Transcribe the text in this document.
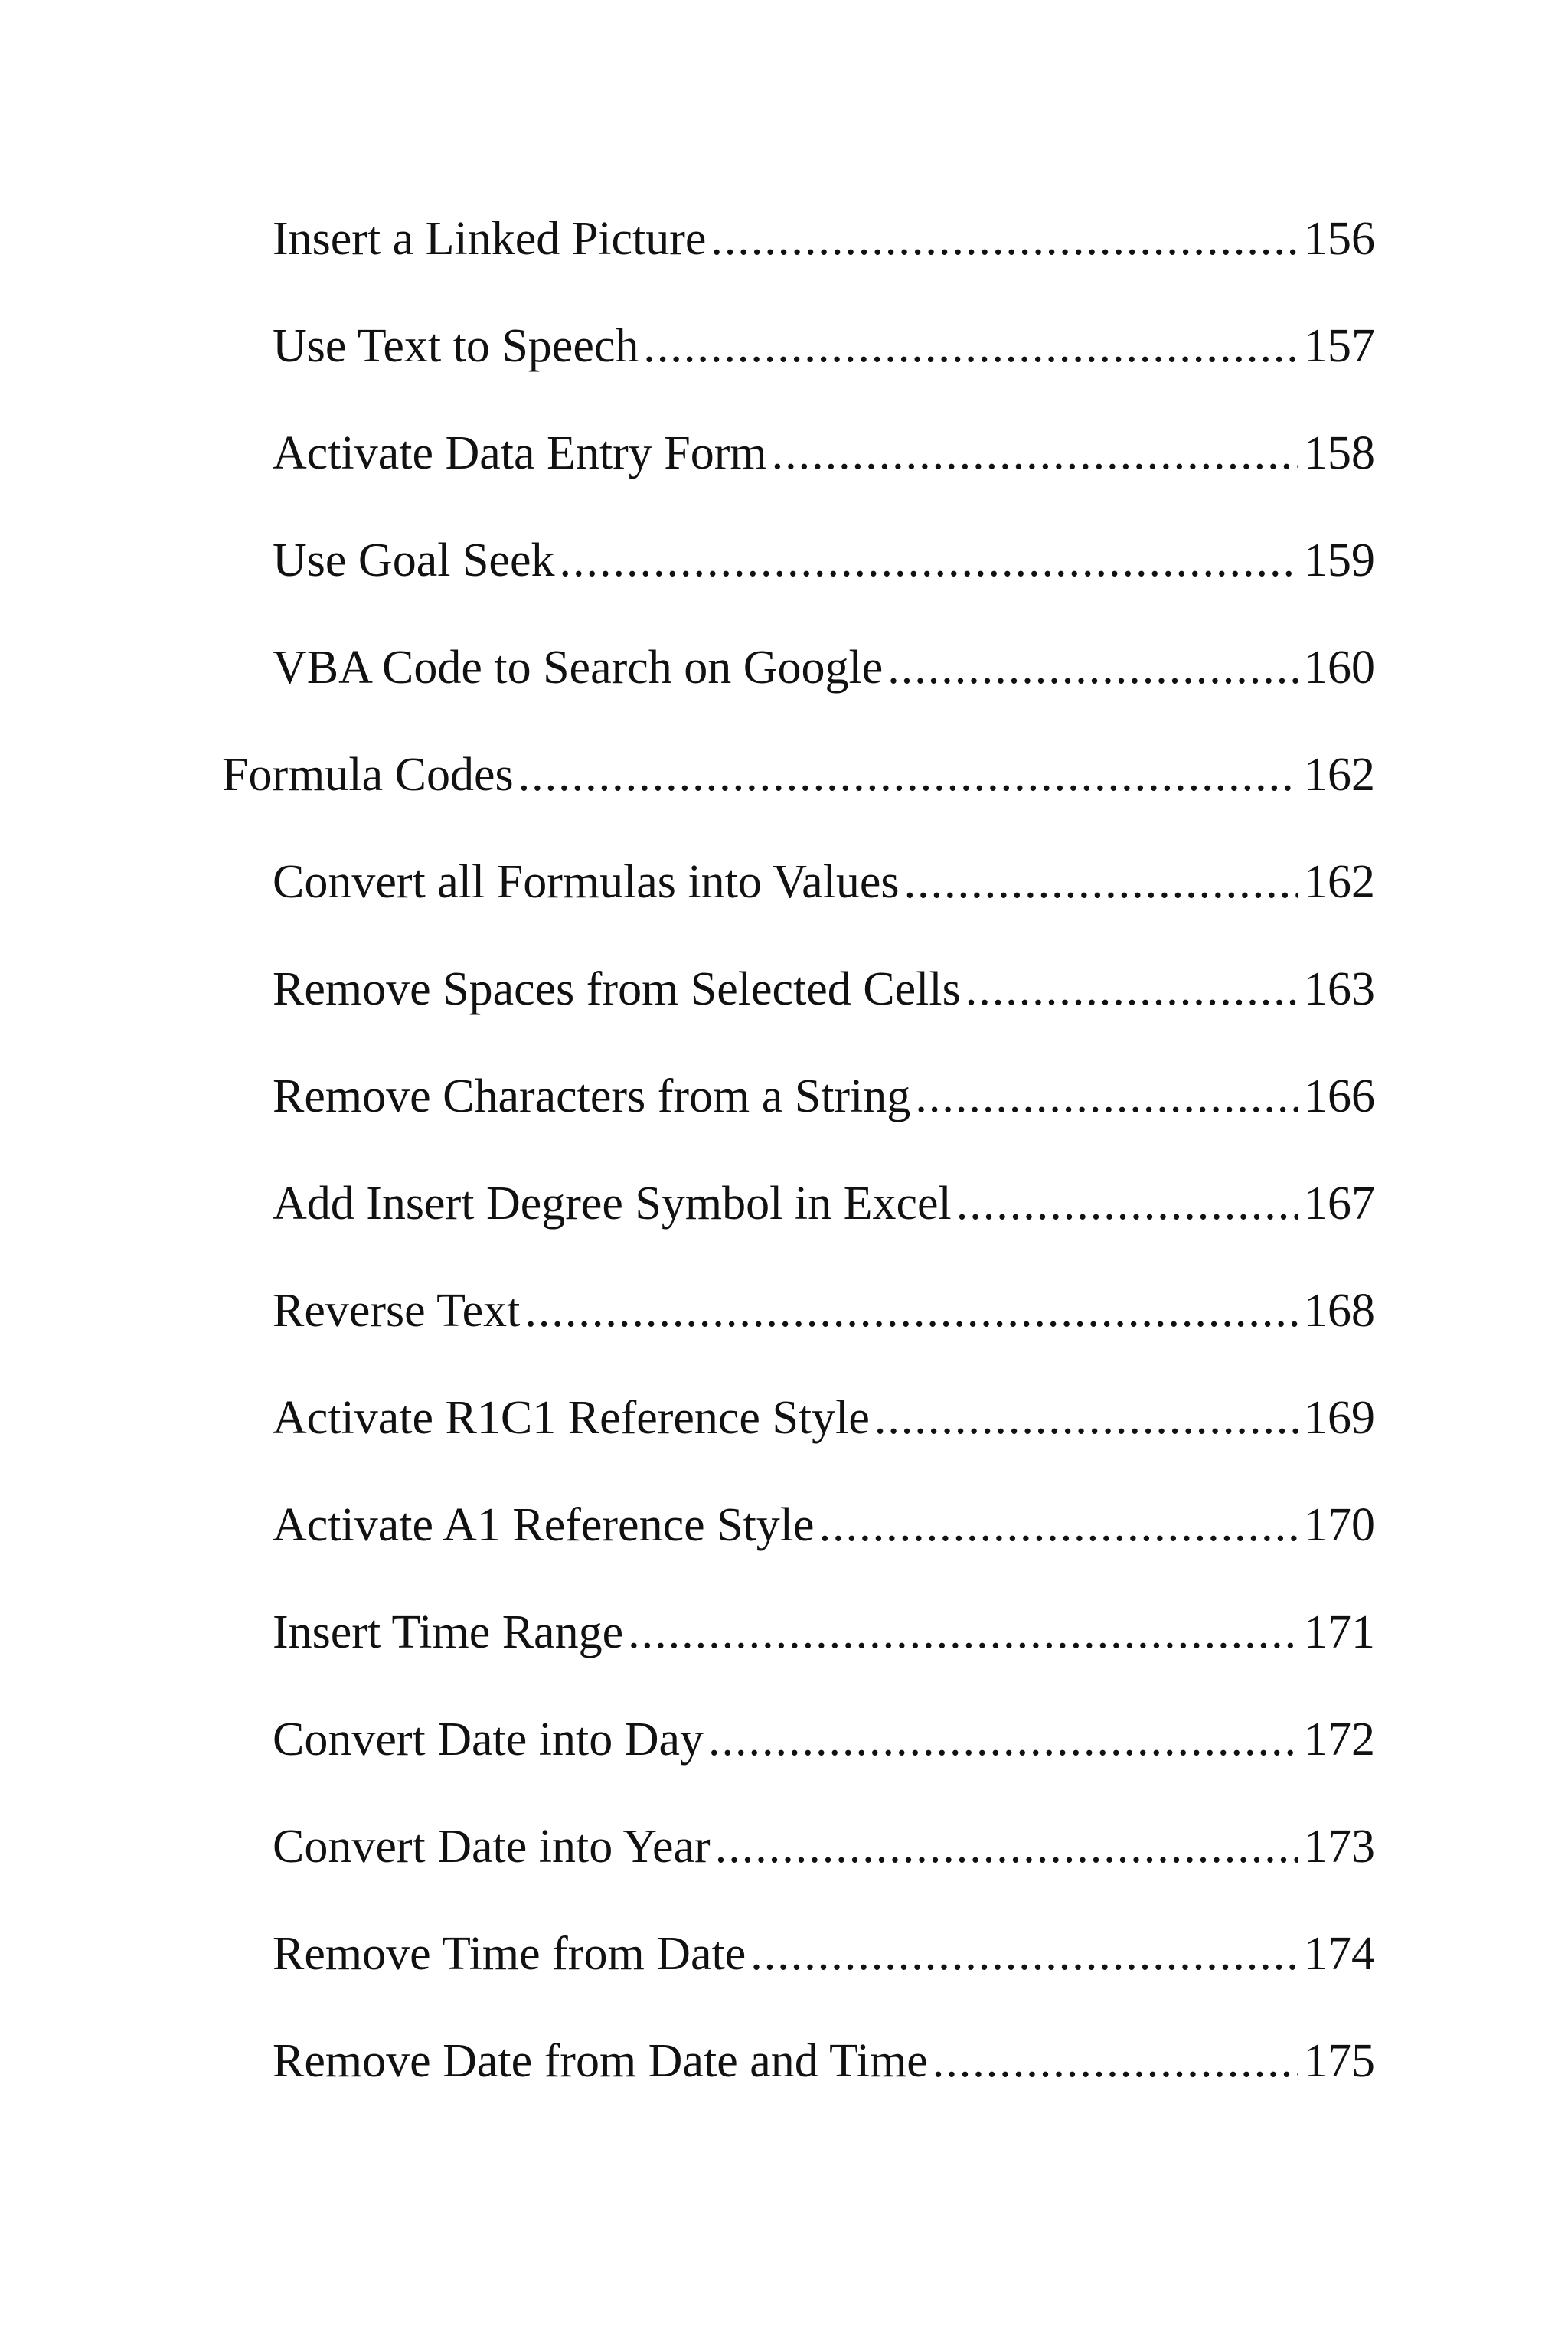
Insert a Linked Picture .....	156
Use Text to Speech .....	157
Activate Data Entry Form .....	158
Use Goal Seek .....	159
VBA Code to Search on Google .....	160
Formula Codes .....	162
Convert all Formulas into Values .....	162
Remove Spaces from Selected Cells .....	163
Remove Characters from a String .....	166
Add Insert Degree Symbol in Excel .....	167
Reverse Text .....	168
Activate R1C1 Reference Style .....	169
Activate A1 Reference Style .....	170
Insert Time Range .....	171
Convert Date into Day .....	172
Convert Date into Year .....	173
Remove Time from Date .....	174
Remove Date from Date and Time .....	175
